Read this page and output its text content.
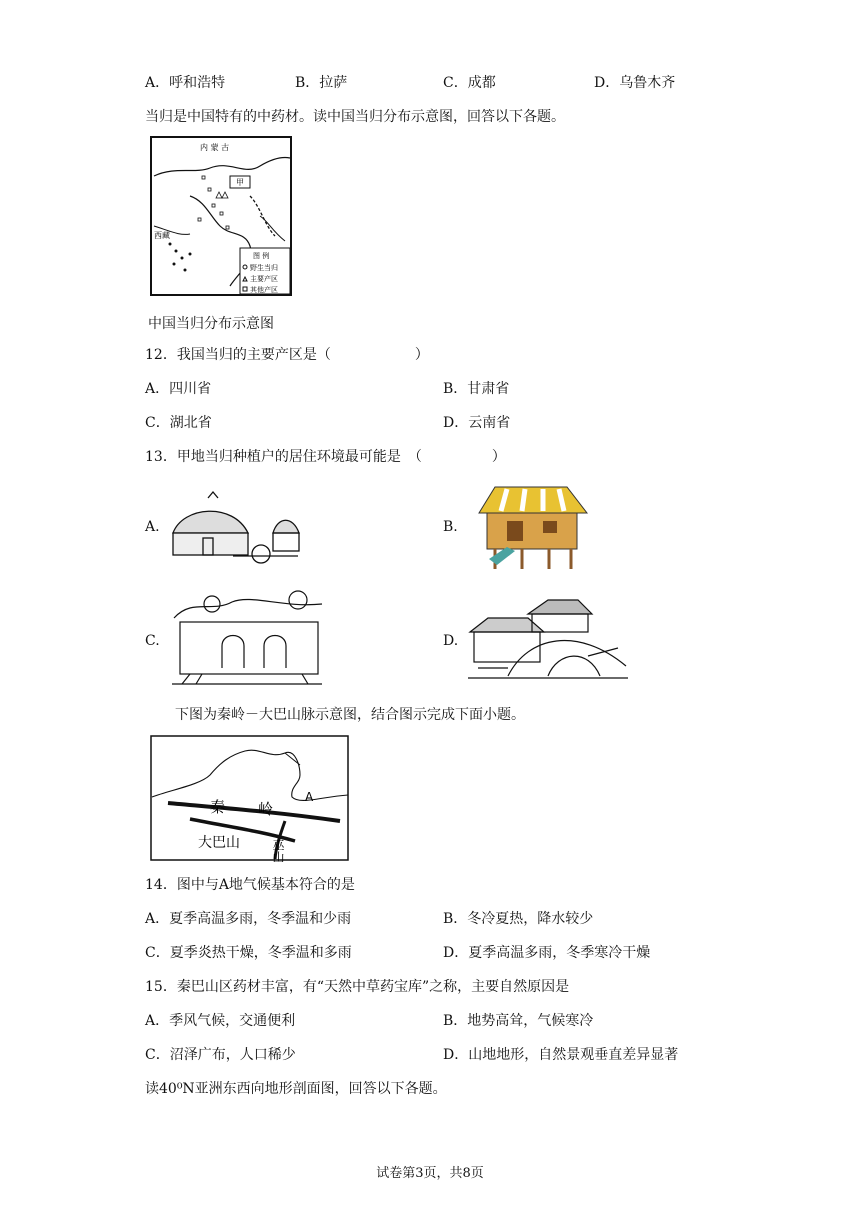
A．呼和浩特	B．拉萨	C．成都	D．乌鲁木齐
当归是中国特有的中药材。读中国当归分布示意图，回答以下各题。
内 蒙 古
甲
西藏
图 例
野生当归
主要产区
其他产区
中国当归分布示意图
12．我国当归的主要产区是（　　　　　　）
A．四川省	B．甘肃省
C．湖北省	D．云南省
13．甲地当归种植户的居住环境最可能是　（　　　　　）
A.	B.
C.	D.
下图为秦岭－大巴山脉示意图，结合图示完成下面小题。
A
秦 岭
大巴山	巫山
14．图中与A地气候基本符合的是
A．夏季高温多雨，冬季温和少雨	B．冬冷夏热，降水较少
C．夏季炎热干燥，冬季温和多雨	D．夏季高温多雨，冬季寒冷干燥
15．秦巴山区药材丰富，有“天然中草药宝库”之称，主要自然原因是
A．季风气候，交通便利	B．地势高耸，气候寒冷
C．沼泽广布，人口稀少	D．山地地形，自然景观垂直差异显著
读40⁰N亚洲东西向地形剖面图，回答以下各题。
试卷第3页，共8页
